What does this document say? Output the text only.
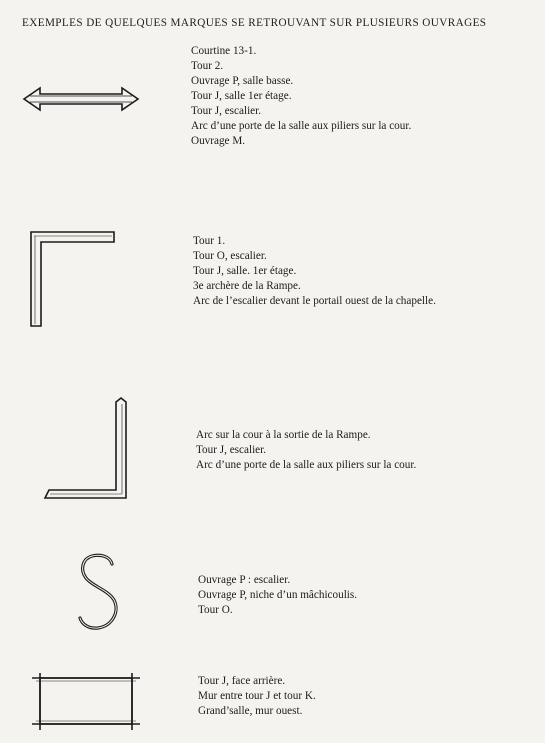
EXEMPLES DE QUELQUES MARQUES SE RETROUVANT SUR PLUSIEURS OUVRAGES
Courtine 13-1.
Tour 2.
Ouvrage P, salle basse.
Tour J, salle 1er étage.
Tour J, escalier.
Arc d’une porte de la salle aux piliers sur la cour.
Ouvrage M.
Tour 1.
Tour O, escalier.
Tour J, salle. 1er étage.
3e archère de la Rampe.
Arc de l’escalier devant le portail ouest de la chapelle.
Arc sur la cour à la sortie de la Rampe.
Tour J, escalier.
Arc d’une porte de la salle aux piliers sur la cour.
Ouvrage P : escalier.
Ouvrage P, niche d’un mâchicoulis.
Tour O.
Tour J, face arrière.
Mur entre tour J et tour K.
Grand’salle, mur ouest.
